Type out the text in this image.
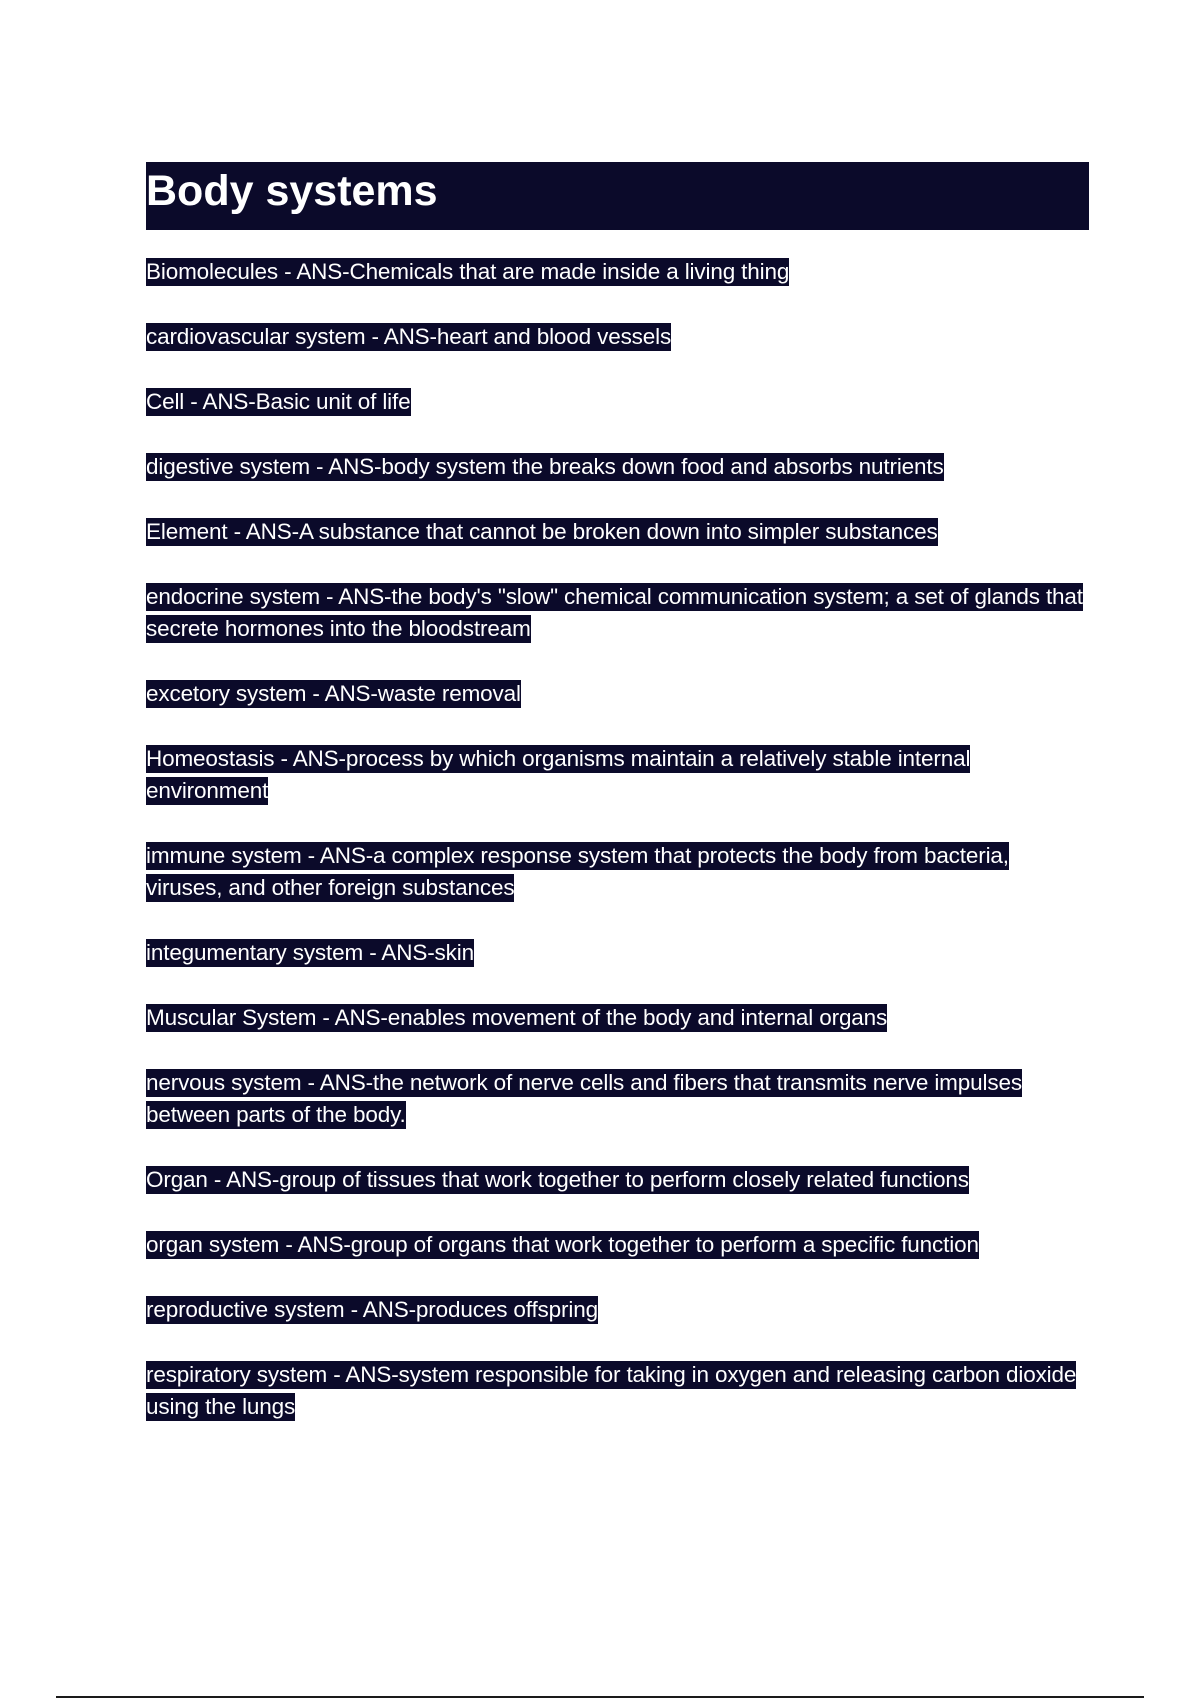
Body systems
Biomolecules - ANS-Chemicals that are made inside a living thing
cardiovascular system - ANS-heart and blood vessels
Cell - ANS-Basic unit of life
digestive system - ANS-body system the breaks down food and absorbs nutrients
Element - ANS-A substance that cannot be broken down into simpler substances
endocrine system - ANS-the body's "slow" chemical communication system; a set of glands that secrete hormones into the bloodstream
excetory system - ANS-waste removal
Homeostasis - ANS-process by which organisms maintain a relatively stable internal environment
immune system - ANS-a complex response system that protects the body from bacteria, viruses, and other foreign substances
integumentary system - ANS-skin
Muscular System - ANS-enables movement of the body and internal organs
nervous system - ANS-the network of nerve cells and fibers that transmits nerve impulses between parts of the body.
Organ - ANS-group of tissues that work together to perform closely related functions
organ system - ANS-group of organs that work together to perform a specific function
reproductive system - ANS-produces offspring
respiratory system - ANS-system responsible for taking in oxygen and releasing carbon dioxide using the lungs
